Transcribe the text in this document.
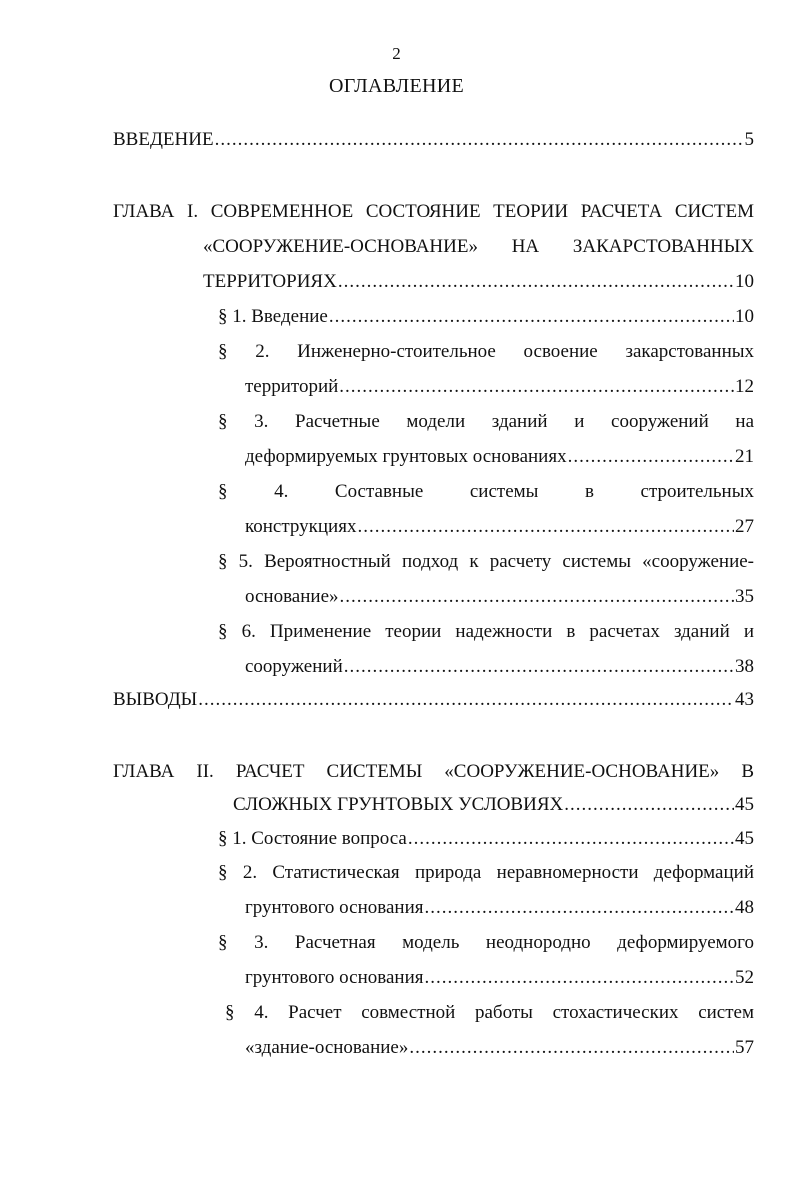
2
ОГЛАВЛЕНИЕ
ВВЕДЕНИЕ .....	5
ГЛАВА I. СОВРЕМЕННОЕ СОСТОЯНИЕ ТЕОРИИ РАСЧЕТА СИСТЕМ
«СООРУЖЕНИЕ-ОСНОВАНИЕ» НА ЗАКАРСТОВАННЫХ
ТЕРРИТОРИЯХ .....	10
§ 1. Введение .....	10
§ 2. Инженерно-стоительное освоение закарстованных
территорий .....	12
§ 3. Расчетные модели зданий и сооружений на
деформируемых грунтовых основаниях .....	21
§ 4. Составные системы в строительных
конструкциях .....	27
§ 5. Вероятностный подход к расчету системы «сооружение-
основание» .....	35
§ 6. Применение теории надежности в расчетах зданий и
сооружений .....	38
ВЫВОДЫ .....	43
ГЛАВА II. РАСЧЕТ СИСТЕМЫ «СООРУЖЕНИЕ-ОСНОВАНИЕ» В
СЛОЖНЫХ ГРУНТОВЫХ УСЛОВИЯХ .....	45
§ 1. Состояние вопроса .....	45
§ 2. Статистическая природа неравномерности деформаций
грунтового основания .....	48
§ 3. Расчетная модель неоднородно деформируемого
грунтового основания .....	52
§ 4. Расчет совместной работы стохастических систем
«здание-основание» .....	57
